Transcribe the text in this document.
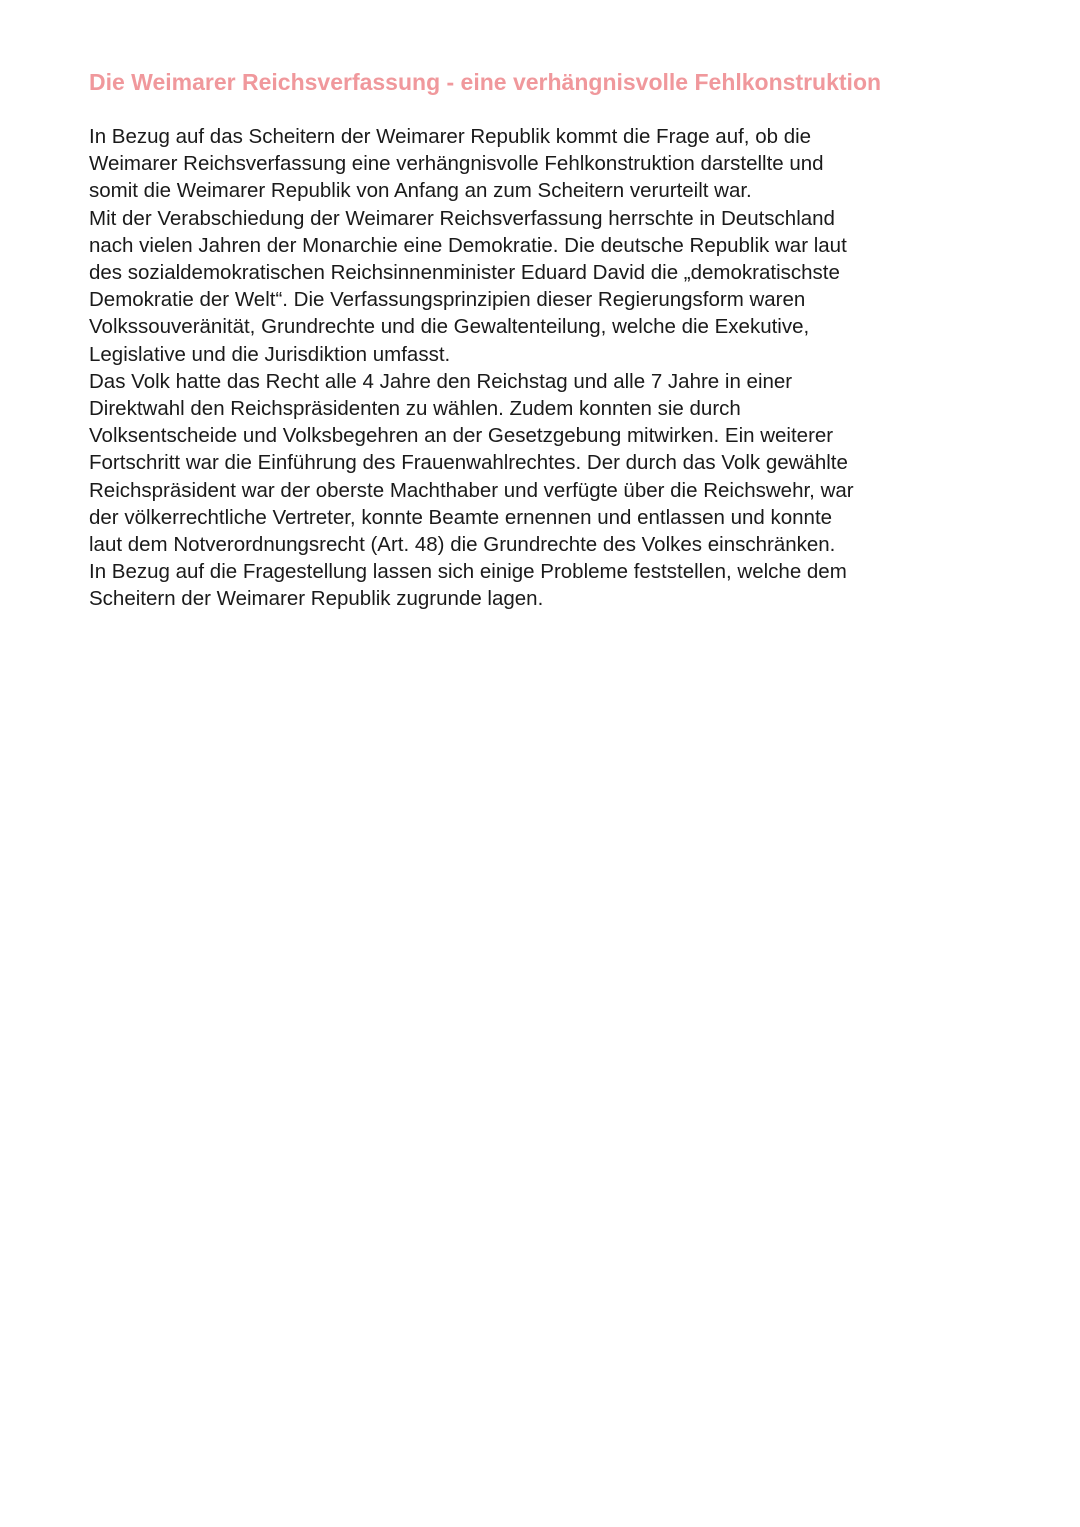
Die Weimarer Reichsverfassung - eine verhängnisvolle Fehlkonstruktion
In Bezug auf das Scheitern der Weimarer Republik kommt die Frage auf, ob die
Weimarer Reichsverfassung eine verhängnisvolle Fehlkonstruktion darstellte und
somit die Weimarer Republik von Anfang an zum Scheitern verurteilt war.
Mit der Verabschiedung der Weimarer Reichsverfassung herrschte in Deutschland
nach vielen Jahren der Monarchie eine Demokratie. Die deutsche Republik war laut
des sozialdemokratischen Reichsinnenminister Eduard David die „demokratischste
Demokratie der Welt“. Die Verfassungsprinzipien dieser Regierungsform waren
Volkssouveränität, Grundrechte und die Gewaltenteilung, welche die Exekutive,
Legislative und die Jurisdiktion umfasst.
Das Volk hatte das Recht alle 4 Jahre den Reichstag und alle 7 Jahre in einer
Direktwahl den Reichspräsidenten zu wählen. Zudem konnten sie durch
Volksentscheide und Volksbegehren an der Gesetzgebung mitwirken. Ein weiterer
Fortschritt war die Einführung des Frauenwahlrechtes. Der durch das Volk gewählte
Reichspräsident war der oberste Machthaber und verfügte über die Reichswehr, war
der völkerrechtliche Vertreter, konnte Beamte ernennen und entlassen und konnte
laut dem Notverordnungsrecht (Art. 48) die Grundrechte des Volkes einschränken.
In Bezug auf die Fragestellung lassen sich einige Probleme feststellen, welche dem
Scheitern der Weimarer Republik zugrunde lagen.
